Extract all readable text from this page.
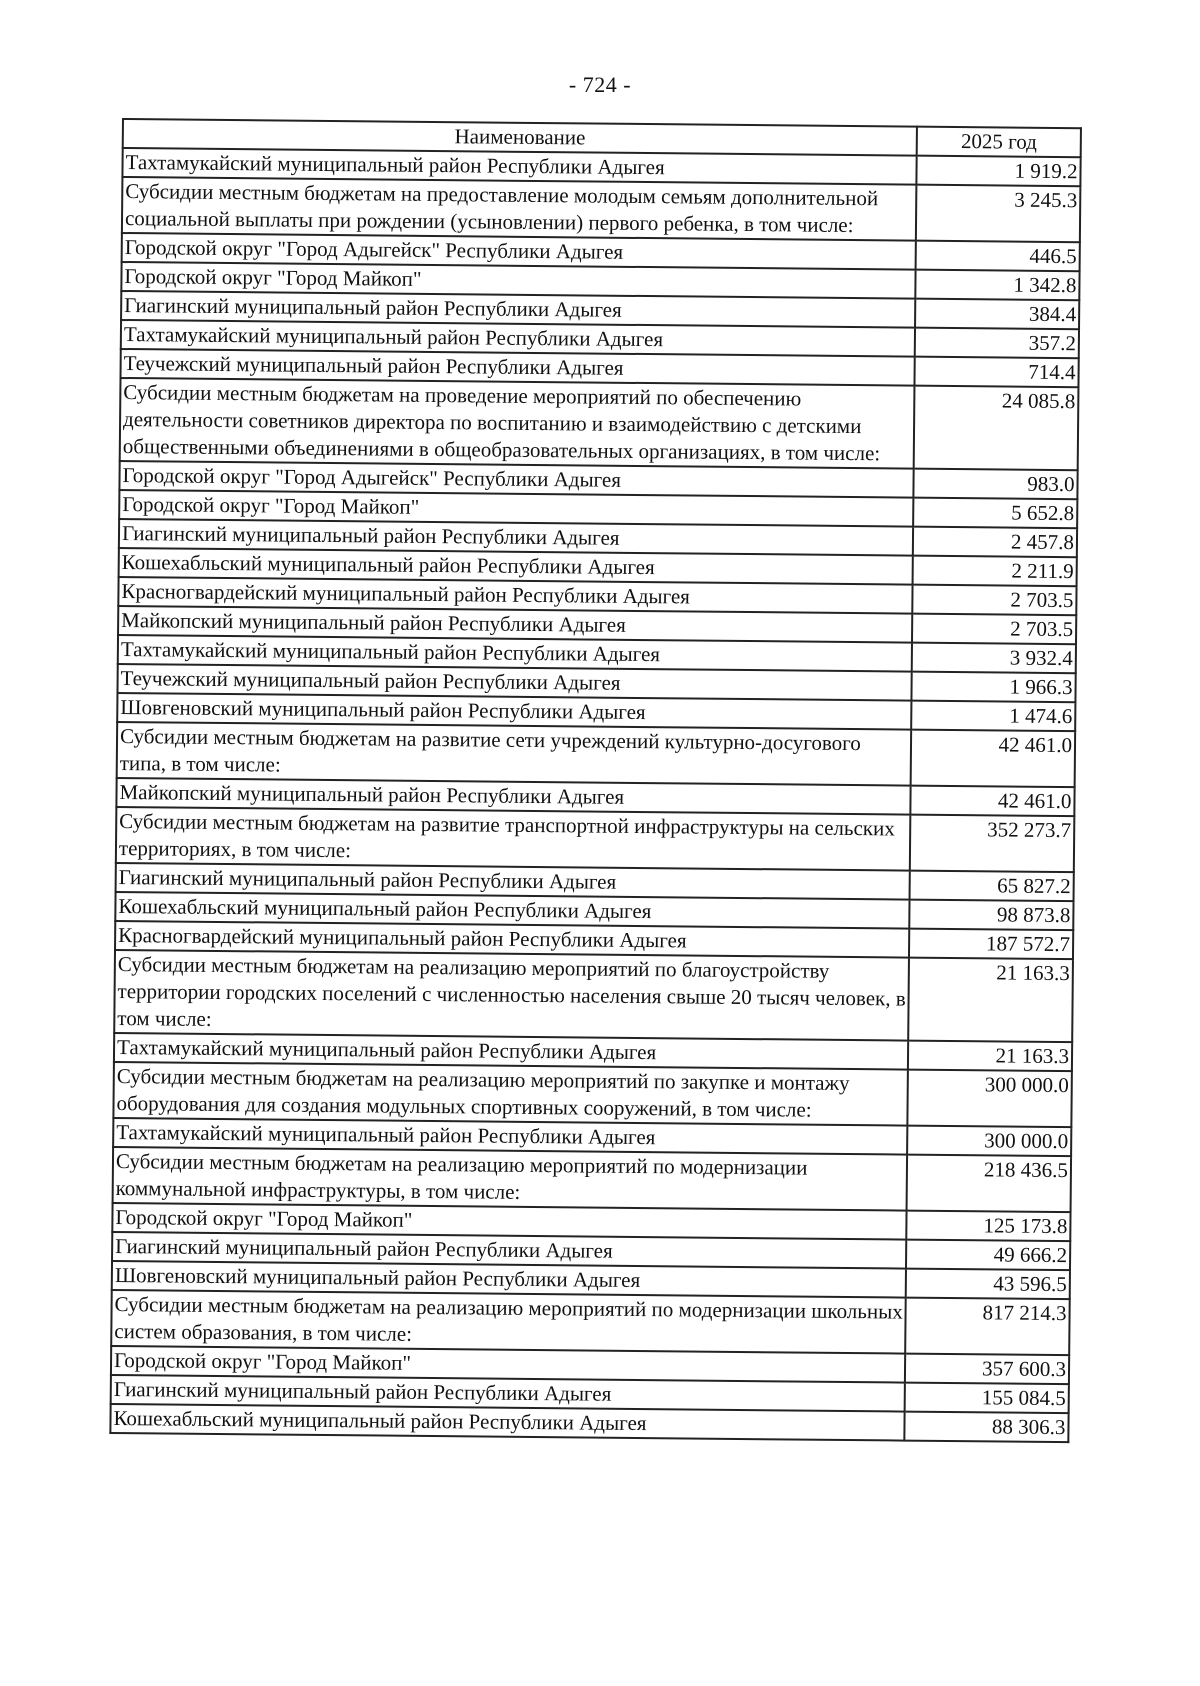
- 724 -
Наименование	2025 год
Тахтамукайский муниципальный район Республики Адыгея	1 919.2
Субсидии местным бюджетам на предоставление молодым семьям дополнительной социальной выплаты при рождении (усыновлении) первого ребенка, в том числе:	3 245.3
Городской округ "Город Адыгейск" Республики Адыгея	446.5
Городской округ "Город Майкоп"	1 342.8
Гиагинский муниципальный район Республики Адыгея	384.4
Тахтамукайский муниципальный район Республики Адыгея	357.2
Теучежский муниципальный район Республики Адыгея	714.4
Субсидии местным бюджетам на проведение мероприятий по обеспечению деятельности советников директора по воспитанию и взаимодействию с детскими общественными объединениями в общеобразовательных организациях, в том числе:	24 085.8
Городской округ "Город Адыгейск" Республики Адыгея	983.0
Городской округ "Город Майкоп"	5 652.8
Гиагинский муниципальный район Республики Адыгея	2 457.8
Кошехабльский муниципальный район Республики Адыгея	2 211.9
Красногвардейский муниципальный район Республики Адыгея	2 703.5
Майкопский муниципальный район Республики Адыгея	2 703.5
Тахтамукайский муниципальный район Республики Адыгея	3 932.4
Теучежский муниципальный район Республики Адыгея	1 966.3
Шовгеновский муниципальный район Республики Адыгея	1 474.6
Субсидии местным бюджетам на развитие сети учреждений культурно-досугового типа, в том числе:	42 461.0
Майкопский муниципальный район Республики Адыгея	42 461.0
Субсидии местным бюджетам на развитие транспортной инфраструктуры на сельских территориях, в том числе:	352 273.7
Гиагинский муниципальный район Республики Адыгея	65 827.2
Кошехабльский муниципальный район Республики Адыгея	98 873.8
Красногвардейский муниципальный район Республики Адыгея	187 572.7
Субсидии местным бюджетам на реализацию мероприятий по благоустройству территории городских поселений с численностью населения свыше 20 тысяч человек, в том числе:	21 163.3
Тахтамукайский муниципальный район Республики Адыгея	21 163.3
Субсидии местным бюджетам на реализацию мероприятий по закупке и монтажу оборудования для создания модульных спортивных сооружений, в том числе:	300 000.0
Тахтамукайский муниципальный район Республики Адыгея	300 000.0
Субсидии местным бюджетам на реализацию мероприятий по модернизации коммунальной инфраструктуры, в том числе:	218 436.5
Городской округ "Город Майкоп"	125 173.8
Гиагинский муниципальный район Республики Адыгея	49 666.2
Шовгеновский муниципальный район Республики Адыгея	43 596.5
Субсидии местным бюджетам на реализацию мероприятий по модернизации школьных систем образования, в том числе:	817 214.3
Городской округ "Город Майкоп"	357 600.3
Гиагинский муниципальный район Республики Адыгея	155 084.5
Кошехабльский муниципальный район Республики Адыгея	88 306.3
